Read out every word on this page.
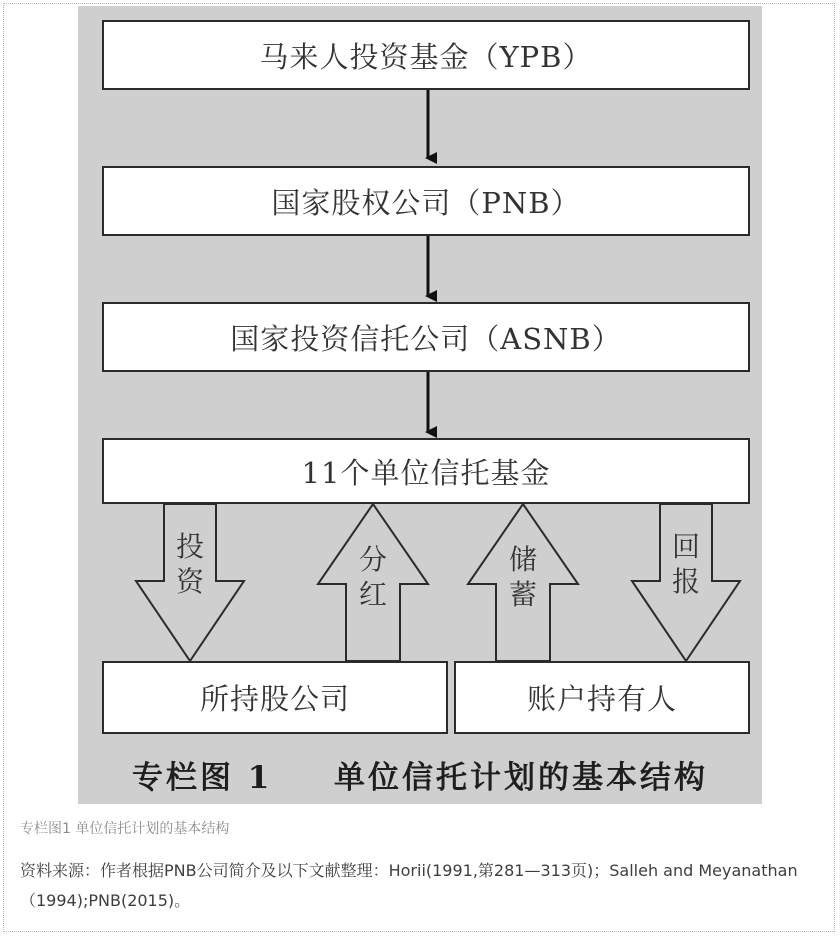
投
资
分
红
储
蓄
回
报
马来人投资基金（YPB）
国家股权公司（PNB）
国家投资信托公司（ASNB）
11个单位信托基金
所持股公司	账户持有人
专栏图 1 单位信托计划的基本结构
专栏图1 单位信托计划的基本结构
资料来源：作者根据PNB公司简介及以下文献整理：Horii(1991,第281—313页)；Salleh and Meyanathan（1994);PNB(2015)。
